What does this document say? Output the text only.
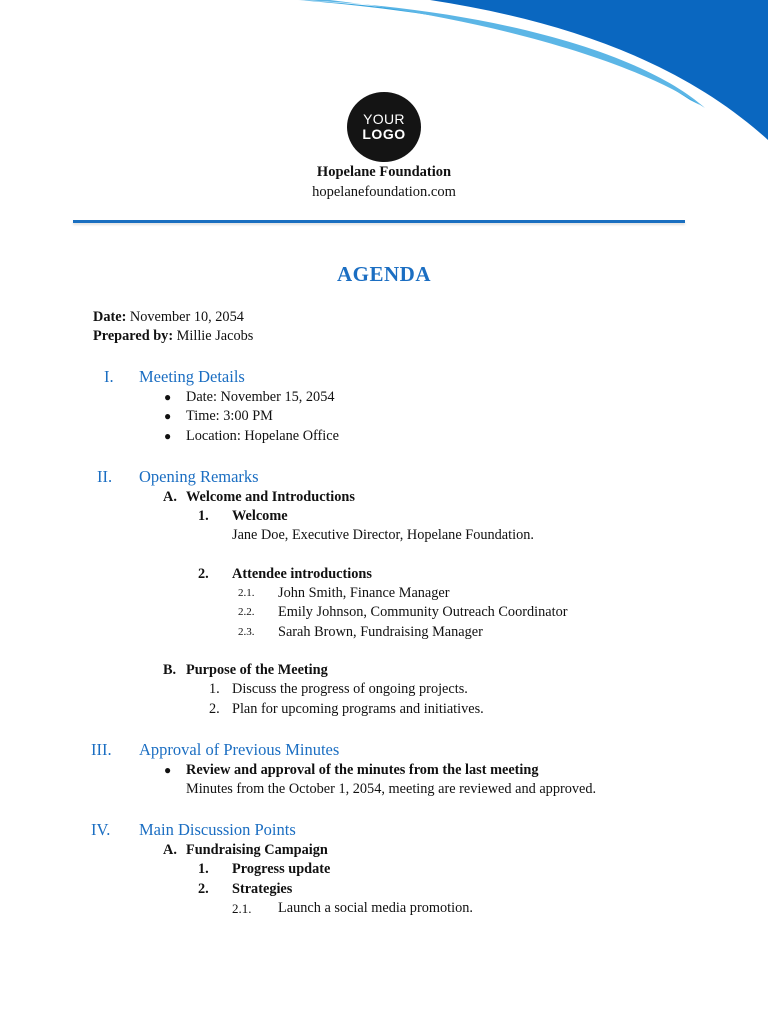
YOUR
LOGO
Hopelane Foundation
hopelanefoundation.com
AGENDA
Date: November 10, 2054
Prepared by: Millie Jacobs
I. Meeting Details
● Date: November 15, 2054
● Time: 3:00 PM
● Location: Hopelane Office
II. Opening Remarks
A. Welcome and Introductions
1. Welcome
Jane Doe, Executive Director, Hopelane Foundation.
2. Attendee introductions
2.1. John Smith, Finance Manager
2.2. Emily Johnson, Community Outreach Coordinator
2.3. Sarah Brown, Fundraising Manager
B. Purpose of the Meeting
1. Discuss the progress of ongoing projects.
2. Plan for upcoming programs and initiatives.
III. Approval of Previous Minutes
● Review and approval of the minutes from the last meeting
Minutes from the October 1, 2054, meeting are reviewed and approved.
IV. Main Discussion Points
A. Fundraising Campaign
1. Progress update
2. Strategies
2.1. Launch a social media promotion.
